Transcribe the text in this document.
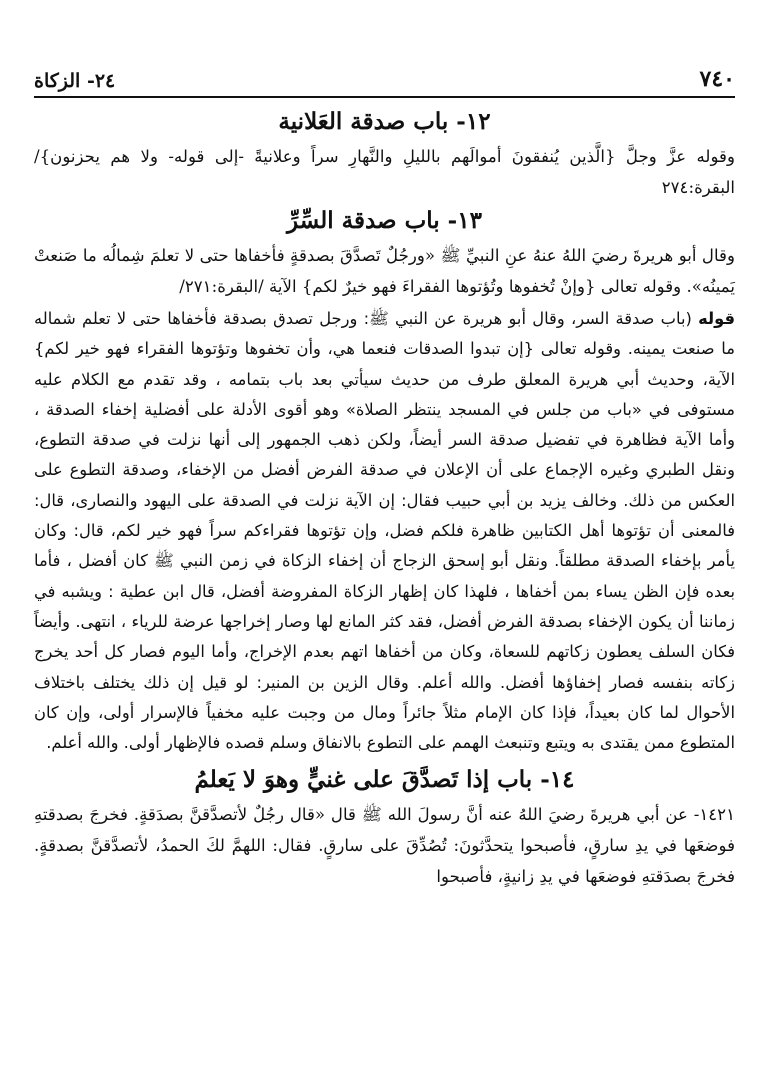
٧٤٠
٢٤- الزكاة
١٢- باب صدقة العَلانية

وقوله عزَّ وجلَّ {الَّذين يُنفقونَ أموالَهم بالليلِ والنَّهارِ سراً وعلانيةً -إلى قوله- ولا هم يحزنون}/البقرة:٢٧٤

١٣- باب صدقة السِّرِّ

وقال أبو هريرةَ رضيَ اللهُ عنهُ عنِ النبيِّ ﷺ «ورجُلٌ تَصدَّقَ بصدقةٍ فأخفاها حتى لا تعلمَ شِمالُه ما صَنعتْ يَمينُه». وقوله تعالى {وإنْ تُخفوها وتُؤتوها الفقراءَ فهو خيرٌ لكم} الآية /البقرة:٢٧١/

قوله (باب صدقة السر، وقال أبو هريرة عن النبي ﷺ: ورجل تصدق بصدقة فأخفاها حتى لا تعلم شماله ما صنعت يمينه. وقوله تعالى {إن تبدوا الصدقات فنعما هي، وأن تخفوها وتؤتوها الفقراء فهو خير لكم} الآية، وحديث أبي هريرة المعلق طرف من حديث سيأتي بعد باب بتمامه ، وقد تقدم مع الكلام عليه مستوفى في «باب من جلس في المسجد ينتظر الصلاة» وهو أقوى الأدلة على أفضلية إخفاء الصدقة ، وأما الآية فظاهرة في تفضيل صدقة السر أيضاً، ولكن ذهب الجمهور إلى أنها نزلت في صدقة التطوع، ونقل الطبري وغيره الإجماع على أن الإعلان في صدقة الفرض أفضل من الإخفاء، وصدقة التطوع على العكس من ذلك. وخالف يزيد بن أبي حبيب فقال: إن الآية نزلت في الصدقة على اليهود والنصارى، قال: فالمعنى أن تؤتوها أهل الكتابين ظاهرة فلكم فضل، وإن تؤتوها فقراءكم سراً فهو خير لكم، قال: وكان يأمر بإخفاء الصدقة مطلقاً. ونقل أبو إسحق الزجاج أن إخفاء الزكاة في زمن النبي ﷺ كان أفضل ، فأما بعده فإن الظن يساء بمن أخفاها ، فلهذا كان إظهار الزكاة المفروضة أفضل، قال ابن عطية : ويشبه في زماننا أن يكون الإخفاء بصدقة الفرض أفضل، فقد كثر المانع لها وصار إخراجها عرضة للرياء ، انتهى. وأيضاً فكان السلف يعطون زكاتهم للسعاة، وكان من أخفاها اتهم بعدم الإخراج، وأما اليوم فصار كل أحد يخرج زكاته بنفسه فصار إخفاؤها أفضل. والله أعلم. وقال الزين بن المنير: لو قيل إن ذلك يختلف باختلاف الأحوال لما كان بعيداً، فإذا كان الإمام مثلاً جائراً ومال من وجبت عليه مخفياً فالإسرار أولى، وإن كان المتطوع ممن يقتدى به ويتبع وتنبعث الهمم على التطوع بالانفاق وسلم قصده فالإظهار أولى. والله أعلم.

١٤- باب إذا تَصدَّقَ على غنيٍّ وهوَ لا يَعلمُ

١٤٢١- عن أبي هريرةَ رضيَ اللهُ عنه أنَّ رسولَ الله ﷺ قال «قال رجُلٌ لأتصدَّقنَّ بصدَقةٍ. فخرجَ بصدقتهِ فوضعَها في يدِ سارقٍ، فأصبحوا يتحدَّثونَ: تُصُدِّقَ على سارقٍ. فقال: اللهمَّ لكَ الحمدُ، لأتصدَّقنَّ بصدقةٍ. فخرجَ بصدَقتهِ فوضعَها في يدِ زانيةٍ، فأصبحوا
